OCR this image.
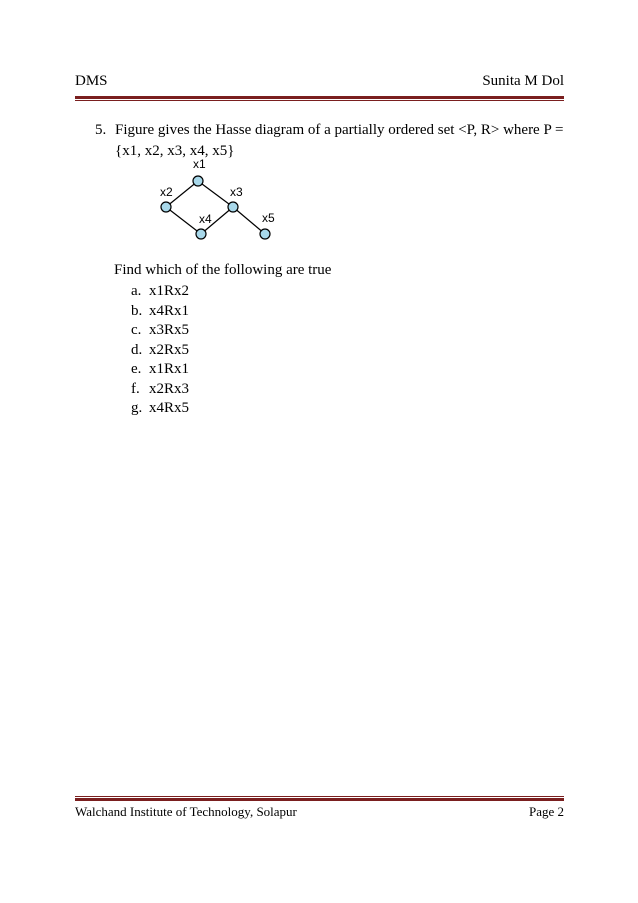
DMS	Sunita M Dol
5. Figure gives the Hasse diagram of a partially ordered set <P, R> where P =
{x1, x2, x3, x4, x5}
x1
x2	x3
x4	x5
Find which of the following are true
a. x1Rx2
b. x4Rx1
c. x3Rx5
d. x2Rx5
e. x1Rx1
f. x2Rx3
g. x4Rx5
Walchand Institute of Technology, Solapur	Page 2
